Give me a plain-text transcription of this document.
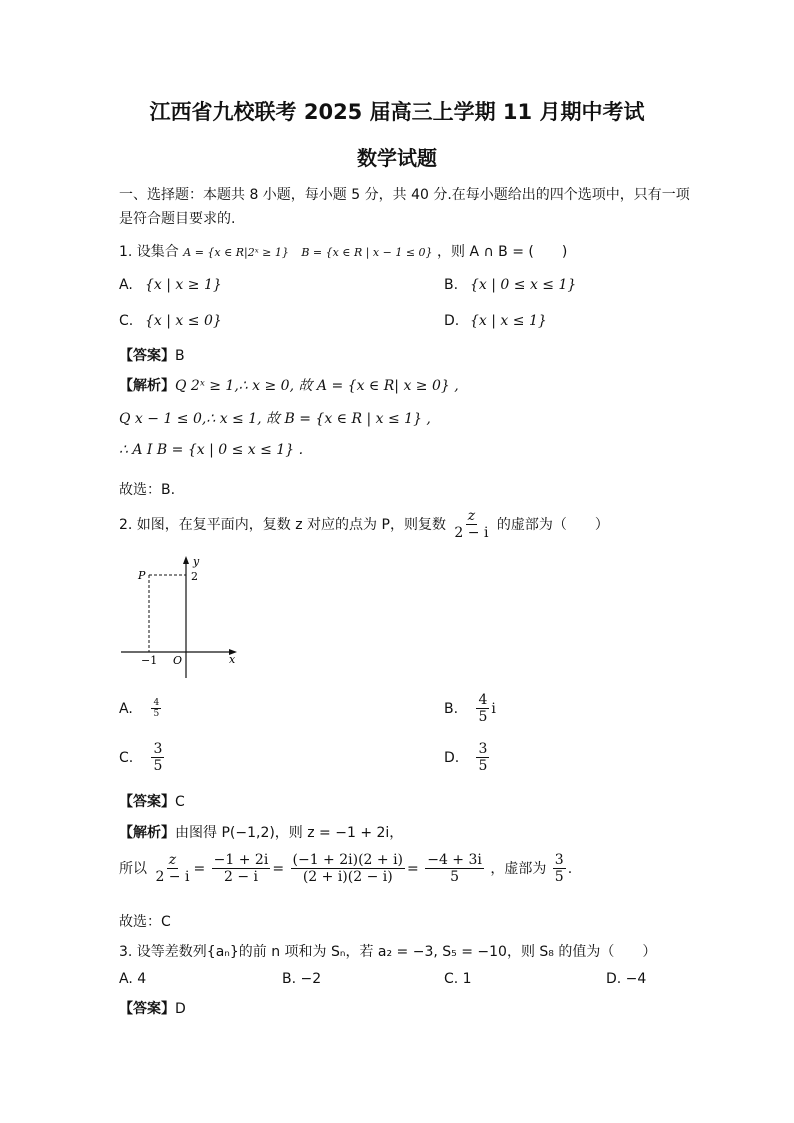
江西省九校联考 2025 届高三上学期 11 月期中考试
数学试题
一、选择题：本题共 8 小题，每小题 5 分，共 40 分.在每小题给出的四个选项中，只有一项
是符合题目要求的.
1. 设集合 A = {x ∈ R|2ˣ ≥ 1} B = {x ∈ R | x − 1 ≤ 0} ，则 A ∩ B = (　　)
A. {x | x ≥ 1}	B. {x | 0 ≤ x ≤ 1}
C. {x | x ≤ 0}	D. {x | x ≤ 1}
【答案】B
【解析】Q 2ˣ ≥ 1,∴ x ≥ 0, 故 A = {x ∈ R| x ≥ 0} ,
Q x − 1 ≤ 0,∴ x ≤ 1, 故 B = {x ∈ R | x ≤ 1} ,
∴ A I B = {x | 0 ≤ x ≤ 1} .
故选：B.
2. 如图，在复平面内，复数 z 对应的点为 P，则复数 $\frac{z}{2 - i}$ 的虚部为（　　）
P
y
2
x
O
−1
A. $\frac{4}{5}$	B. $\frac{4}{5}$ i
C. $\frac{3}{5}$	D. $\frac{3}{5}$
【答案】C
【解析】由图得 P(−1,2)，则 z = −1 + 2i，
所以 $\frac{z}{2 - i} = \frac{-1 + 2i}{2 - i} = \frac{(-1 + 2i)(2 + i)}{(2 + i)(2 - i)} = \frac{-4 + 3i}{5}$ ，虚部为 $\frac{3}{5}$ .
故选：C
3. 设等差数列{aₙ}的前 n 项和为 Sₙ，若 a₂ = −3, S₅ = −10，则 S₈ 的值为（　　）
A. 4	B. −2	C. 1	D. −4
【答案】D
